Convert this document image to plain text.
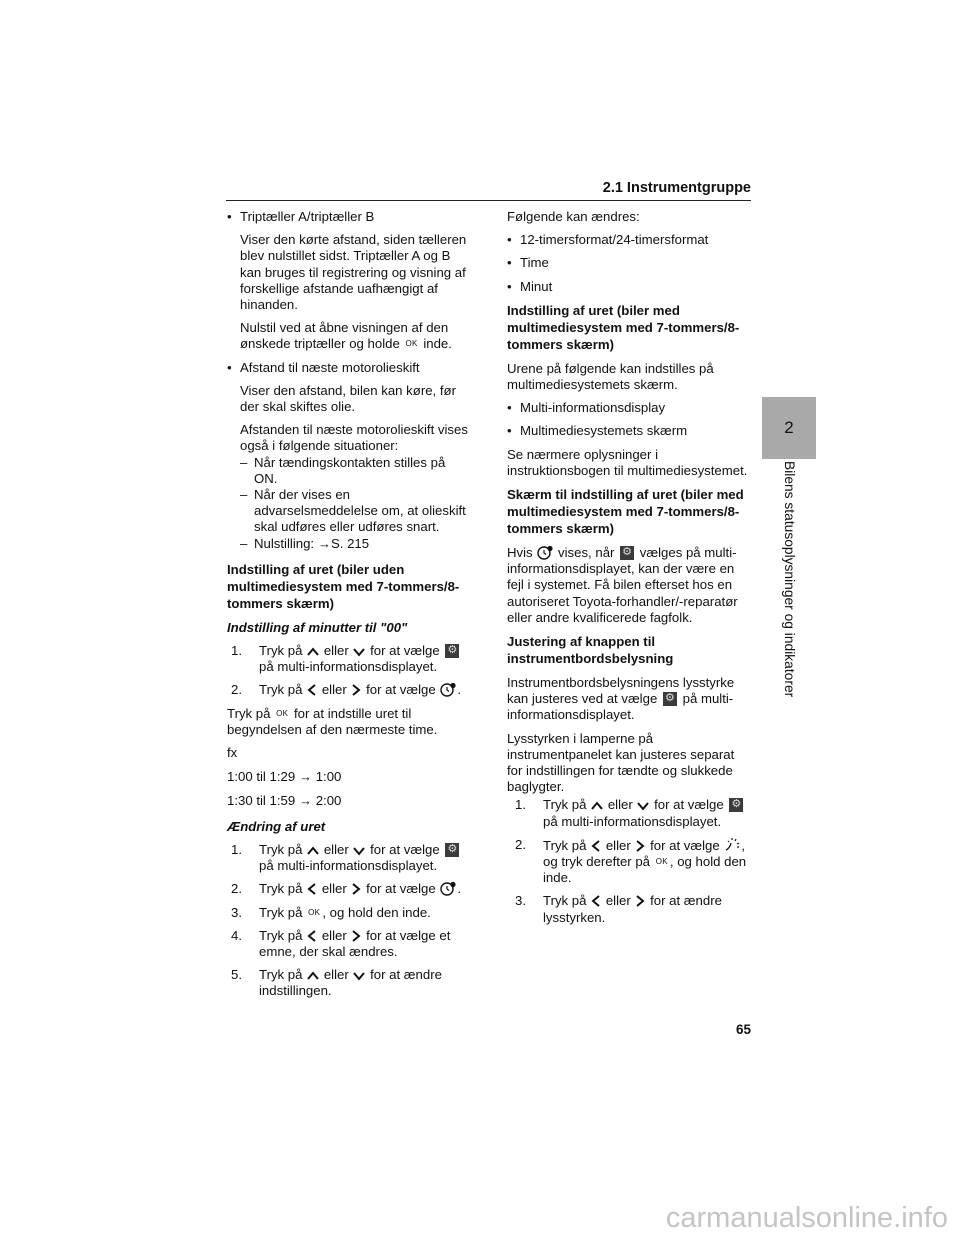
2.1 Instrumentgruppe
2
Bilens statusoplysninger og indikatorer
• Triptæller A/triptæller B
Viser den kørte afstand, siden tælleren blev nulstillet sidst. Triptæller A og B kan bruges til registrering og visning af forskellige afstande uafhængigt af hinanden.
Nulstil ved at åbne visningen af den ønskede triptæller og holde OK inde.
• Afstand til næste motorolieskift
Viser den afstand, bilen kan køre, før der skal skiftes olie.
Afstanden til næste motorolieskift vises også i følgende situationer:
– Når tændingskontakten stilles på ON.
– Når der vises en advarselsmeddelelse om, at olieskift skal udføres eller udføres snart.
– Nulstilling: →S. 215
Indstilling af uret (biler uden multimediesystem med 7-tommers/8-tommers skærm)
Indstilling af minutter til "00"
1. Tryk på eller for at vælge ⚙ på multi-informationsdisplayet.
2. Tryk på eller for at vælge .
Tryk på OK for at indstille uret til begyndelsen af den nærmeste time.
fx
1:00 til 1:29 → 1:00
1:30 til 1:59 → 2:00
Ændring af uret
1. Tryk på eller for at vælge ⚙ på multi-informationsdisplayet.
2. Tryk på eller for at vælge .
3. Tryk på OK , og hold den inde.
4. Tryk på eller for at vælge et emne, der skal ændres.
5. Tryk på eller for at ændre indstillingen.
Følgende kan ændres:
• 12-timersformat/24-timersformat
• Time
• Minut
Indstilling af uret (biler med multimediesystem med 7-tommers/8-tommers skærm)
Urene på følgende kan indstilles på multimediesystemets skærm.
• Multi-informationsdisplay
• Multimediesystemets skærm
Se nærmere oplysninger i instruktionsbogen til multimediesystemet.
Skærm til indstilling af uret (biler med multimediesystem med 7-tommers/8-tommers skærm)
Hvis vises, når ⚙ vælges på multi-informationsdisplayet, kan der være en fejl i systemet. Få bilen efterset hos en autoriseret Toyota-forhandler/-reparatør eller andre kvalificerede fagfolk.
Justering af knappen til instrumentbordsbelysning
Instrumentbordsbelysningens lysstyrke kan justeres ved at vælge ⚙ på multi-informationsdisplayet.
Lysstyrken i lamperne på instrumentpanelet kan justeres separat for indstillingen for tændte og slukkede baglygter.
1. Tryk på eller for at vælge ⚙ på multi-informationsdisplayet.
2. Tryk på eller for at vælge , og tryk derefter på OK , og hold den inde.
3. Tryk på eller for at ændre lysstyrken.
65
carmanualsonline.info
